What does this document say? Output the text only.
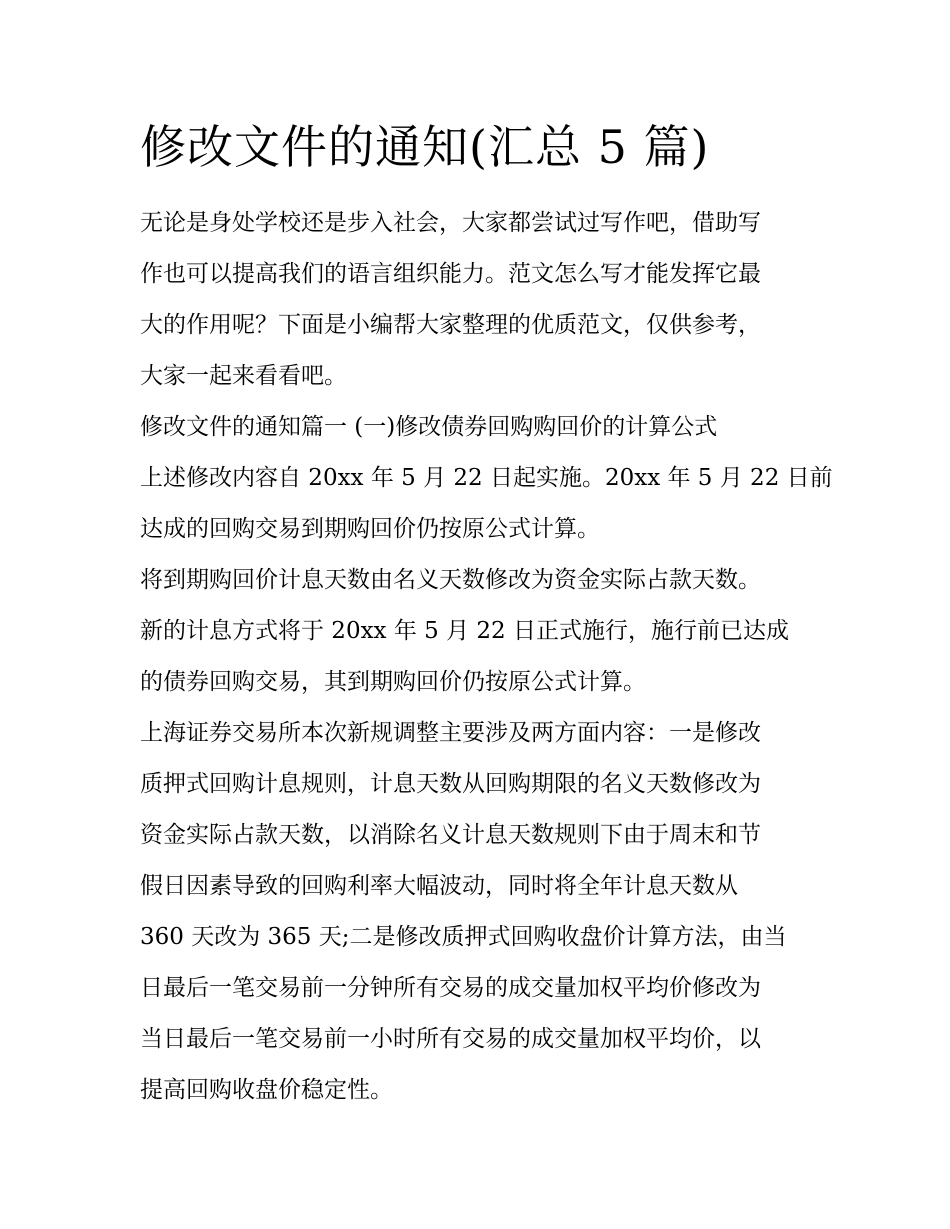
修改文件的通知(汇总 5 篇)

无论是身处学校还是步入社会，大家都尝试过写作吧，借助写
作也可以提高我们的语言组织能力。范文怎么写才能发挥它最
大的作用呢？下面是小编帮大家整理的优质范文，仅供参考，
大家一起来看看吧。

修改文件的通知篇一 (一)修改债券回购购回价的计算公式

上述修改内容自 20xx 年 5 月 22 日起实施。20xx 年 5 月 22 日前
达成的回购交易到期购回价仍按原公式计算。

将到期购回价计息天数由名义天数修改为资金实际占款天数。
新的计息方式将于 20xx 年 5 月 22 日正式施行，施行前已达成
的债券回购交易，其到期购回价仍按原公式计算。

上海证券交易所本次新规调整主要涉及两方面内容：一是修改
质押式回购计息规则，计息天数从回购期限的名义天数修改为
资金实际占款天数，以消除名义计息天数规则下由于周末和节
假日因素导致的回购利率大幅波动，同时将全年计息天数从
360 天改为 365 天;二是修改质押式回购收盘价计算方法，由当
日最后一笔交易前一分钟所有交易的成交量加权平均价修改为
当日最后一笔交易前一小时所有交易的成交量加权平均价，以
提高回购收盘价稳定性。
